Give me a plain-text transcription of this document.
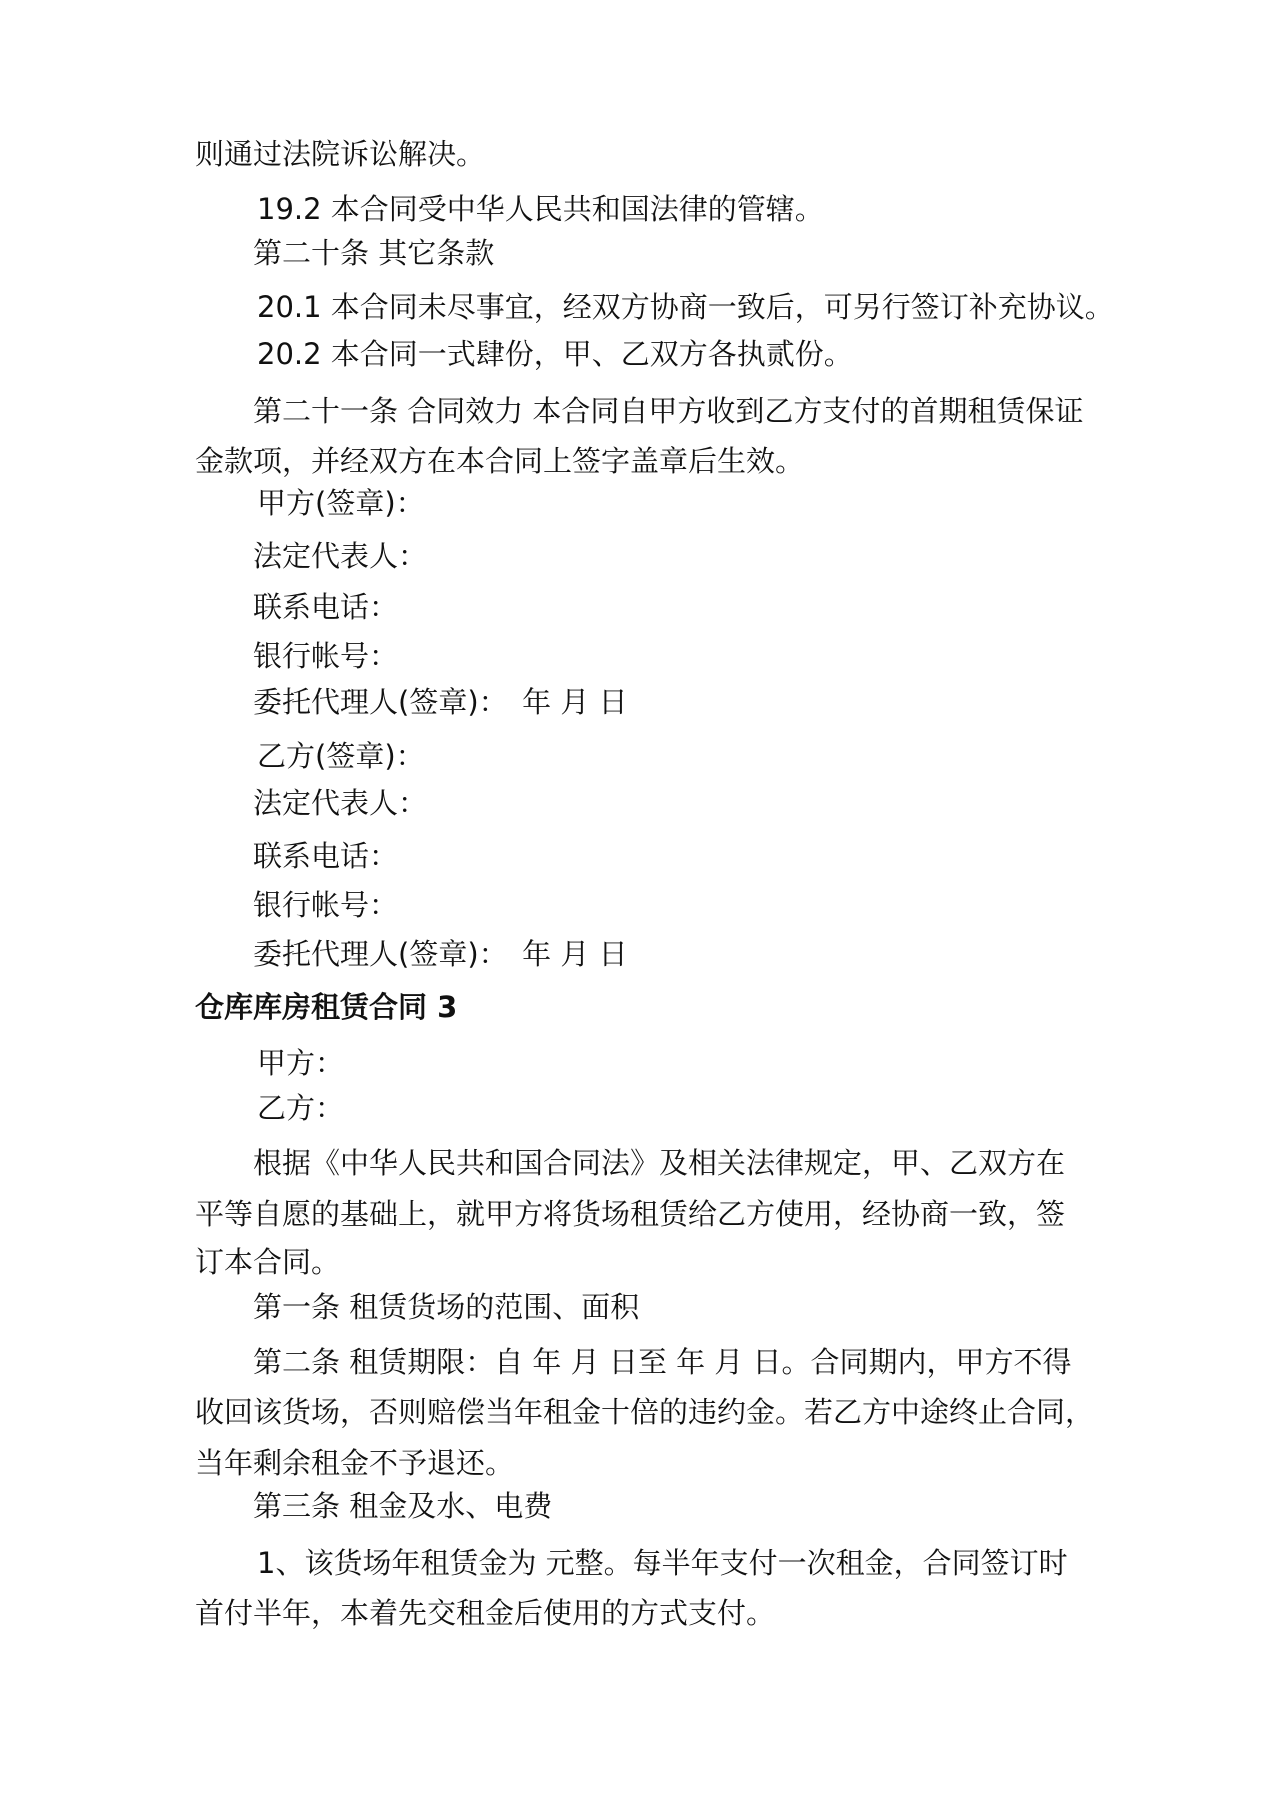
则通过法院诉讼解决。
19.2 本合同受中华人民共和国法律的管辖。
第二十条 其它条款
20.1 本合同未尽事宜，经双方协商一致后，可另行签订补充协议。
20.2 本合同一式肆份，甲、乙双方各执贰份。
第二十一条 合同效力 本合同自甲方收到乙方支付的首期租赁保证
金款项，并经双方在本合同上签字盖章后生效。
甲方(签章)：
法定代表人：
联系电话：
银行帐号：
委托代理人(签章)：　年 月 日
乙方(签章)：
法定代表人：
联系电话：
银行帐号：
委托代理人(签章)：　年 月 日
仓库库房租赁合同 3
甲方：
乙方：
根据《中华人民共和国合同法》及相关法律规定，甲、乙双方在
平等自愿的基础上，就甲方将货场租赁给乙方使用，经协商一致，签
订本合同。
第一条 租赁货场的范围、面积
第二条 租赁期限：自 年 月 日至 年 月 日。合同期内，甲方不得
收回该货场，否则赔偿当年租金十倍的违约金。若乙方中途终止合同，
当年剩余租金不予退还。
第三条 租金及水、电费
1、该货场年租赁金为 元整。每半年支付一次租金，合同签订时
首付半年，本着先交租金后使用的方式支付。
